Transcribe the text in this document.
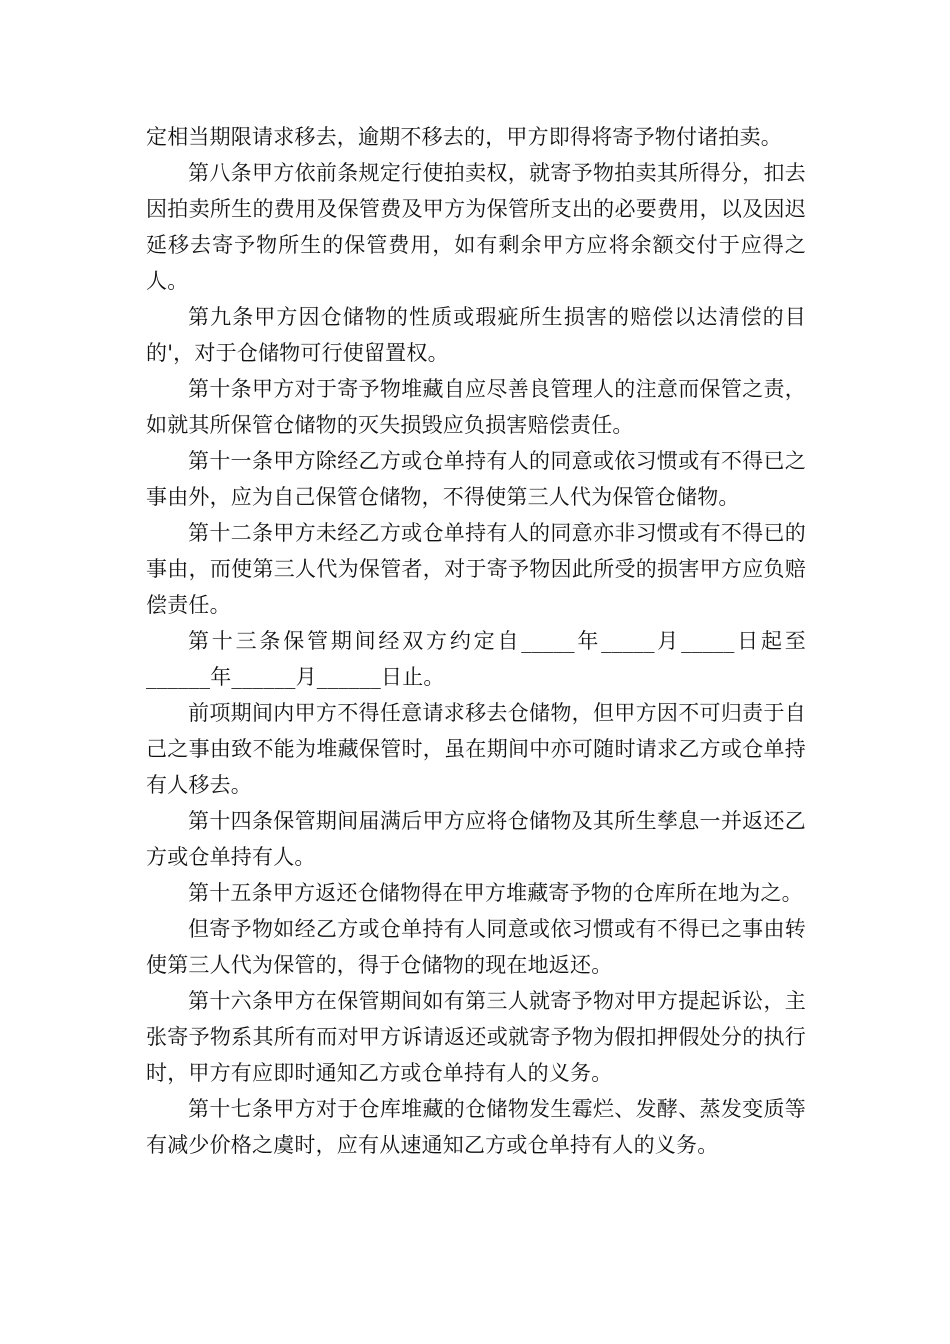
定相当期限请求移去，逾期不移去的，甲方即得将寄予物付诸拍卖。

第八条甲方依前条规定行使拍卖权，就寄予物拍卖其所得分，扣去因拍卖所生的费用及保管费及甲方为保管所支出的必要费用，以及因迟延移去寄予物所生的保管费用，如有剩余甲方应将余额交付于应得之人。

第九条甲方因仓储物的性质或瑕疵所生损害的赔偿以达清偿的目的'，对于仓储物可行使留置权。

第十条甲方对于寄予物堆藏自应尽善良管理人的注意而保管之责，如就其所保管仓储物的灭失损毁应负损害赔偿责任。

第十一条甲方除经乙方或仓单持有人的同意或依习惯或有不得已之事由外，应为自己保管仓储物，不得使第三人代为保管仓储物。

第十二条甲方未经乙方或仓单持有人的同意亦非习惯或有不得已的事由，而使第三人代为保管者，对于寄予物因此所受的损害甲方应负赔偿责任。

第十三条保管期间经双方约定自_____年_____月_____日起至______年______月______日止。

前项期间内甲方不得任意请求移去仓储物，但甲方因不可归责于自己之事由致不能为堆藏保管时，虽在期间中亦可随时请求乙方或仓单持有人移去。

第十四条保管期间届满后甲方应将仓储物及其所生孳息一并返还乙方或仓单持有人。

第十五条甲方返还仓储物得在甲方堆藏寄予物的仓库所在地为之。

但寄予物如经乙方或仓单持有人同意或依习惯或有不得已之事由转使第三人代为保管的，得于仓储物的现在地返还。

第十六条甲方在保管期间如有第三人就寄予物对甲方提起诉讼，主张寄予物系其所有而对甲方诉请返还或就寄予物为假扣押假处分的执行时，甲方有应即时通知乙方或仓单持有人的义务。

第十七条甲方对于仓库堆藏的仓储物发生霉烂、发酵、蒸发变质等有减少价格之虞时，应有从速通知乙方或仓单持有人的义务。
